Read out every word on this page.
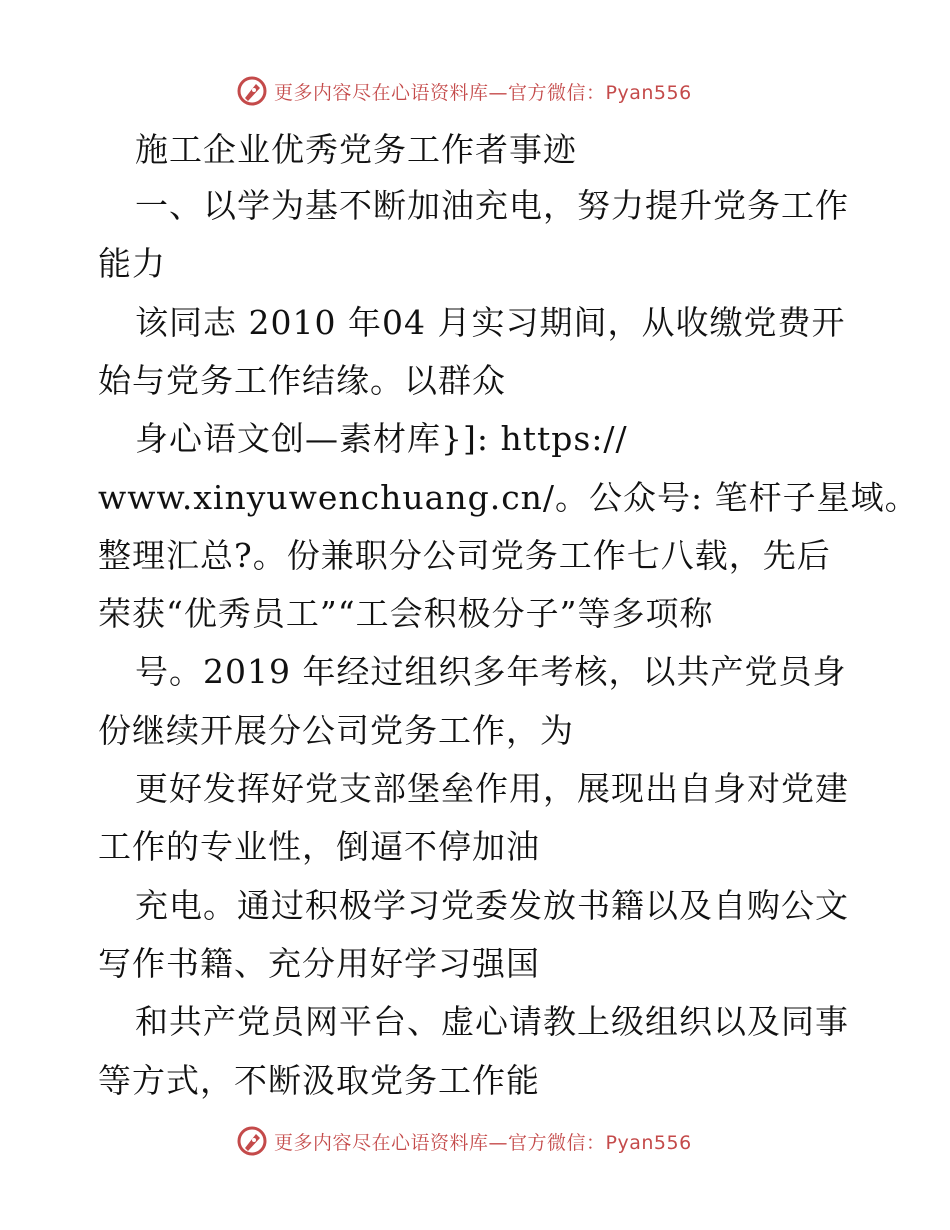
更多内容尽在心语资料库—官方微信：Pyan556
施工企业优秀党务工作者事迹
一、以学为基不断加油充电，努力提升党务工作
能力
该同志 2010 年04 月实习期间，从收缴党费开
始与党务工作结缘。以群众
身心语文创—素材库}]: https://
www.xinyuwenchuang.cn/。公众号: 笔杆子星域。
整理汇总?。份兼职分公司党务工作七八载，先后
荣获“优秀员工”“工会积极分子”等多项称
号。2019 年经过组织多年考核，以共产党员身
份继续开展分公司党务工作，为
更好发挥好党支部堡垒作用，展现出自身对党建
工作的专业性，倒逼不停加油
充电。通过积极学习党委发放书籍以及自购公文
写作书籍、充分用好学习强国
和共产党员网平台、虚心请教上级组织以及同事
等方式，不断汲取党务工作能
更多内容尽在心语资料库—官方微信：Pyan556
